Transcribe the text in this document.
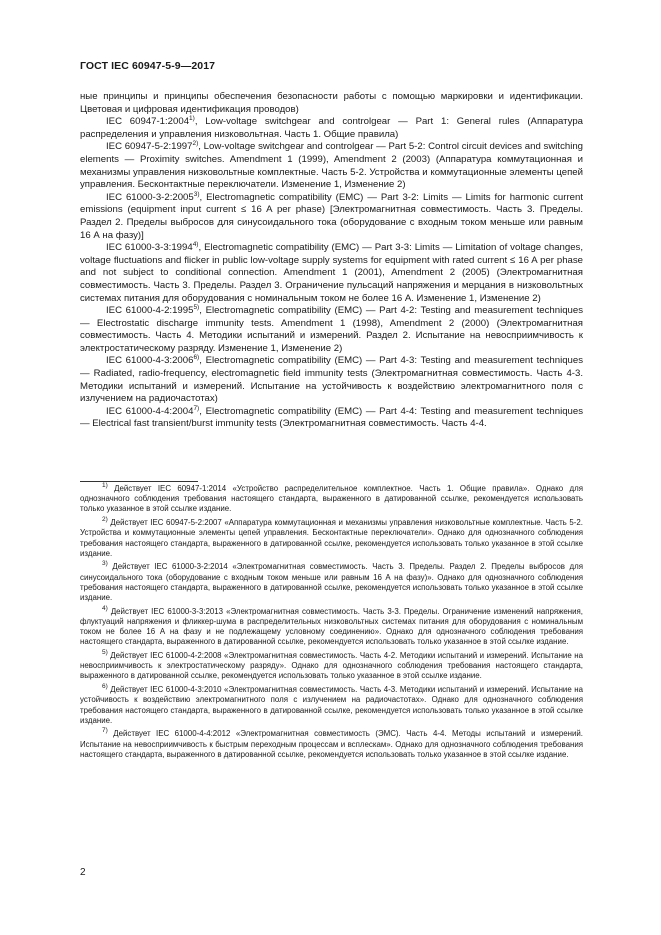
ГОСТ IEC 60947-5-9—2017

ные принципы и принципы обеспечения безопасности работы с помощью маркировки и идентификации. Цветовая и цифровая идентификация проводов)

IEC 60947-1:2004$^{1)}$, Low-voltage switchgear and controlgear — Part 1: General rules (Аппаратура распределения и управления низковольтная. Часть 1. Общие правила)

IEC 60947-5-2:1997$^{2)}$, Low-voltage switchgear and controlgear — Part 5-2: Control circuit devices and switching elements — Proximity switches. Amendment 1 (1999), Amendment 2 (2003) (Аппаратура коммутационная и механизмы управления низковольтные комплектные. Часть 5-2. Устройства и коммутационные элементы цепей управления. Бесконтактные переключатели. Изменение 1, Изменение 2)

IEC 61000-3-2:2005$^{3)}$, Electromagnetic compatibility (EMC) — Part 3-2: Limits — Limits for harmonic current emissions (equipment input current ≤ 16 A per phase) [Электромагнитная совместимость. Часть 3. Пределы. Раздел 2. Пределы выбросов для синусоидального тока (оборудование с входным током меньше или равным 16 А на фазу)]

IEC 61000-3-3:1994$^{4)}$, Electromagnetic compatibility (EMC) — Part 3-3: Limits — Limitation of voltage changes, voltage fluctuations and flicker in public low-voltage supply systems for equipment with rated current ≤ 16 A per phase and not subject to conditional connection. Amendment 1 (2001), Amendment 2 (2005) (Электромагнитная совместимость. Часть 3. Пределы. Раздел 3. Ограничение пульсаций напряжения и мерцания в низковольтных системах питания для оборудования с номинальным током не более 16 А. Изменение 1, Изменение 2)

IEC 61000-4-2:1995$^{5)}$, Electromagnetic compatibility (EMC) — Part 4-2: Testing and measurement techniques — Electrostatic discharge immunity tests. Amendment 1 (1998), Amendment 2 (2000) (Электромагнитная совместимость. Часть 4. Методики испытаний и измерений. Раздел 2. Испытание на невосприимчивость к электростатическому разряду. Изменение 1, Изменение 2)

IEC 61000-4-3:2006$^{6)}$, Electromagnetic compatibility (EMC) — Part 4-3: Testing and measurement techniques — Radiated, radio-frequency, electromagnetic field immunity tests (Электромагнитная совместимость. Часть 4-3. Методики испытаний и измерений. Испытание на устойчивость к воздействию электромагнитного поля с излучением на радиочастотах)

IEC 61000-4-4:2004$^{7)}$, Electromagnetic compatibility (EMC) — Part 4-4: Testing and measurement techniques — Electrical fast transient/burst immunity tests (Электромагнитная совместимость. Часть 4-4.

$^{1)}$ Действует IEC 60947-1:2014 «Устройство распределительное комплектное. Часть 1. Общие правила». Однако для однозначного соблюдения требования настоящего стандарта, выраженного в датированной ссылке, рекомендуется использовать только указанное в этой ссылке издание.

$^{2)}$ Действует IEC 60947-5-2:2007 «Аппаратура коммутационная и механизмы управления низковольтные комплектные. Часть 5-2. Устройства и коммутационные элементы цепей управления. Бесконтактные переключатели». Однако для однозначного соблюдения требования настоящего стандарта, выраженного в датированной ссылке, рекомендуется использовать только указанное в этой ссылке издание.

$^{3)}$ Действует IEC 61000-3-2:2014 «Электромагнитная совместимость. Часть 3. Пределы. Раздел 2. Пределы выбросов для синусоидального тока (оборудование с входным током меньше или равным 16 А на фазу)». Однако для однозначного соблюдения требования настоящего стандарта, выраженного в датированной ссылке, рекомендуется использовать только указанное в этой ссылке издание.

$^{4)}$ Действует IEC 61000-3-3:2013 «Электромагнитная совместимость. Часть 3-3. Пределы. Ограничение изменений напряжения, флуктуаций напряжения и фликкер-шума в распределительных низковольтных системах питания для оборудования с номинальным током не более 16 А на фазу и не подлежащему условному соединению». Однако для однозначного соблюдения требования настоящего стандарта, выраженного в датированной ссылке, рекомендуется использовать только указанное в этой ссылке издание.

$^{5)}$ Действует IEC 61000-4-2:2008 «Электромагнитная совместимость. Часть 4-2. Методики испытаний и измерений. Испытание на невосприимчивость к электростатическому разряду». Однако для однозначного соблюдения требования настоящего стандарта, выраженного в датированной ссылке, рекомендуется использовать только указанное в этой ссылке издание.

$^{6)}$ Действует IEC 61000-4-3:2010 «Электромагнитная совместимость. Часть 4-3. Методики испытаний и измерений. Испытание на устойчивость к воздействию электромагнитного поля с излучением на радиочастотах». Однако для однозначного соблюдения требования настоящего стандарта, выраженного в датированной ссылке, рекомендуется использовать только указанное в этой ссылке издание.

$^{7)}$ Действует IEC 61000-4-4:2012 «Электромагнитная совместимость (ЭМС). Часть 4-4. Методы испытаний и измерений. Испытание на невосприимчивость к быстрым переходным процессам и всплескам». Однако для однозначного соблюдения требования настоящего стандарта, выраженного в датированной ссылке, рекомендуется использовать только указанное в этой ссылке издание.

2
